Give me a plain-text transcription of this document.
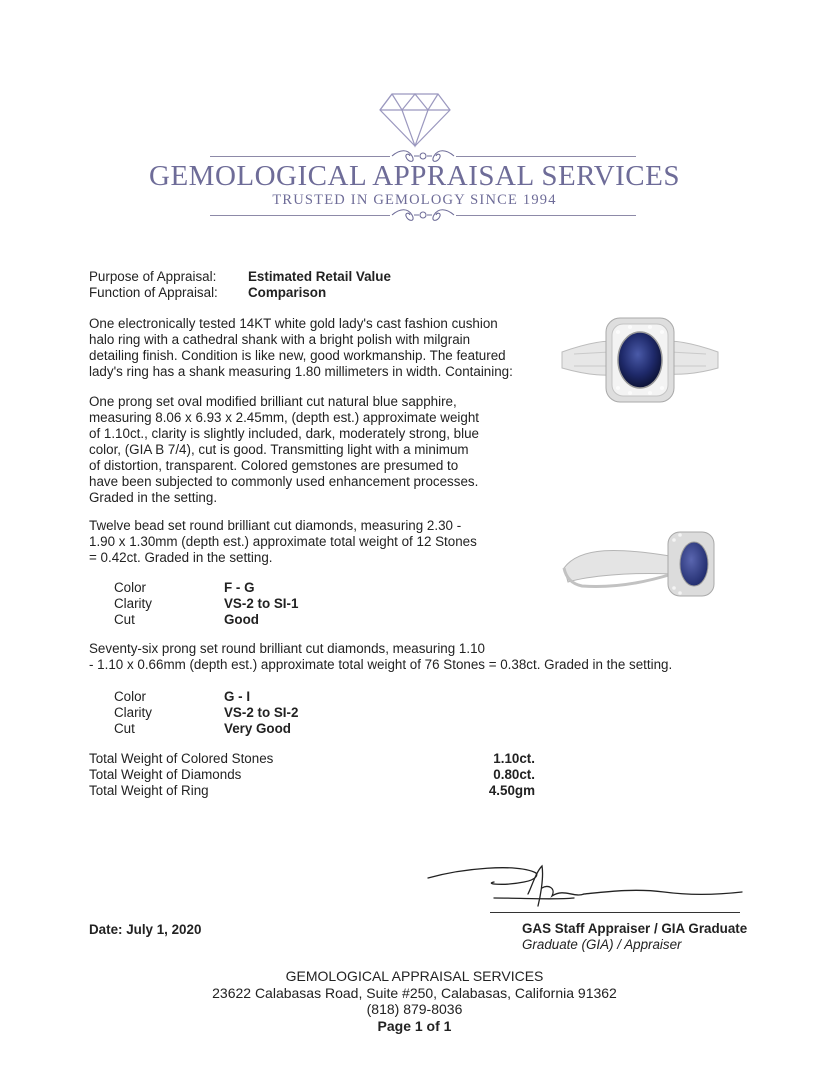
GEMOLOGICAL APPRAISAL SERVICES
TRUSTED IN GEMOLOGY SINCE 1994
Purpose of Appraisal: Estimated Retail Value
Function of Appraisal: Comparison
One electronically tested 14KT white gold lady's cast fashion cushion
halo ring with a cathedral shank with a bright polish with milgrain
detailing finish. Condition is like new, good workmanship. The featured
lady's ring has a shank measuring 1.80 millimeters in width. Containing:
One prong set oval modified brilliant cut natural blue sapphire,
measuring 8.06 x 6.93 x 2.45mm, (depth est.) approximate weight
of 1.10ct., clarity is slightly included, dark, moderately strong, blue
color, (GIA B 7/4), cut is good. Transmitting light with a minimum
of distortion, transparent. Colored gemstones are presumed to
have been subjected to commonly used enhancement processes.
Graded in the setting.
Twelve bead set round brilliant cut diamonds, measuring 2.30 -
1.90 x 1.30mm (depth est.) approximate total weight of 12 Stones
= 0.42ct. Graded in the setting.
Color	F - G
Clarity	VS-2 to SI-1
Cut	Good
Seventy-six prong set round brilliant cut diamonds, measuring 1.10
- 1.10 x 0.66mm (depth est.) approximate total weight of 76 Stones = 0.38ct. Graded in the setting.
Color	G - I
Clarity	VS-2 to SI-2
Cut	Very Good
Total Weight of Colored Stones	1.10ct.
Total Weight of Diamonds	0.80ct.
Total Weight of Ring	4.50gm
Date: July 1, 2020	GAS Staff Appraiser / GIA Graduate
Graduate (GIA) / Appraiser
GEMOLOGICAL APPRAISAL SERVICES
23622 Calabasas Road, Suite #250, Calabasas, California 91362
(818) 879-8036
Page 1 of 1
